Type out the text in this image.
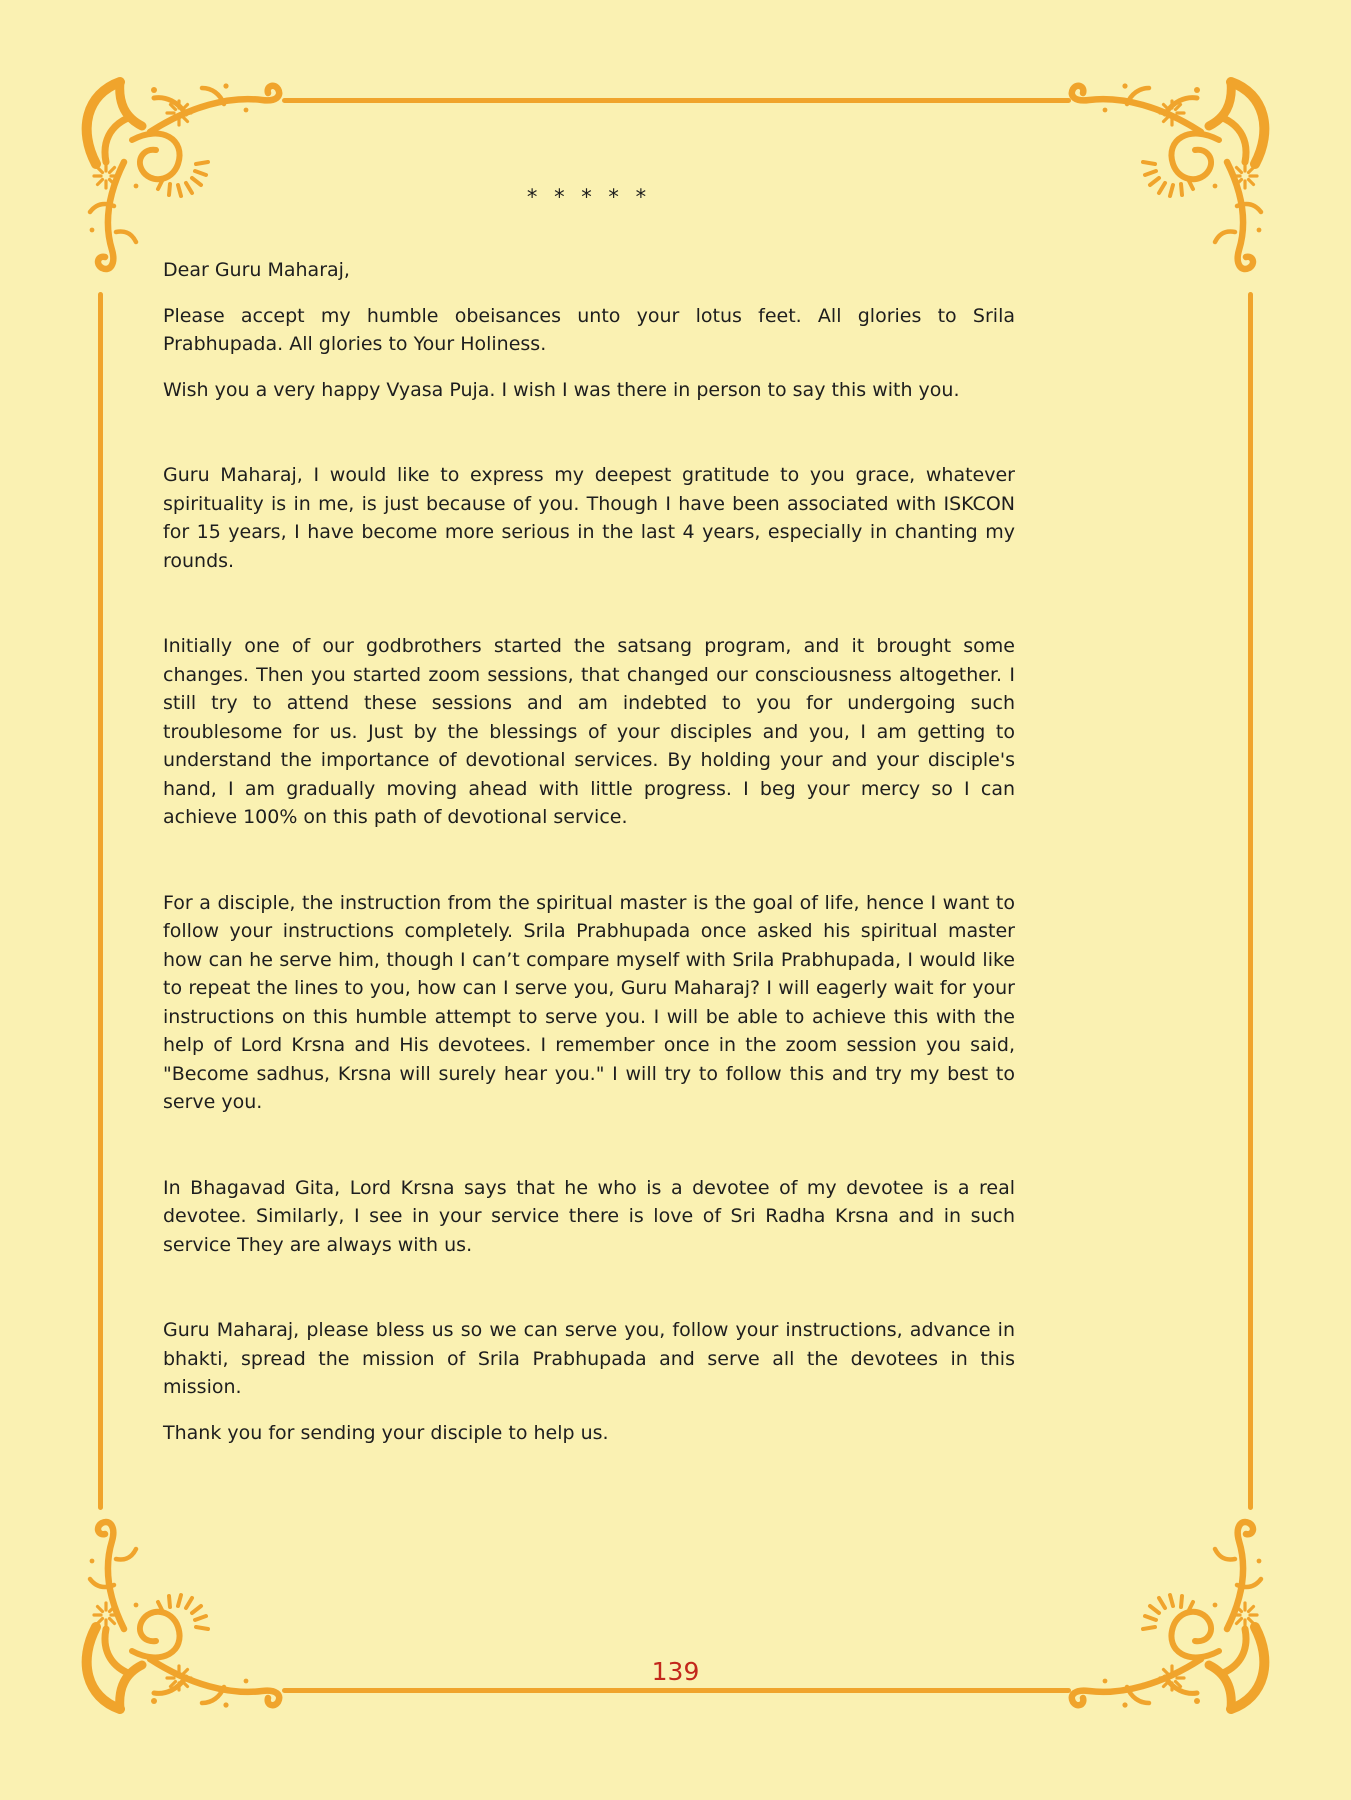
* * * * *

Dear Guru Maharaj,

Please accept my humble obeisances unto your lotus feet. All glories to Srila Prabhupada. All glories to Your Holiness.

Wish you a very happy Vyasa Puja. I wish I was there in person to say this with you.

Guru Maharaj, I would like to express my deepest gratitude to you grace, whatever spirituality is in me, is just because of you. Though I have been associated with ISKCON for 15 years, I have become more serious in the last 4 years, especially in chanting my rounds.

Initially one of our godbrothers started the satsang program, and it brought some changes. Then you started zoom sessions, that changed our consciousness altogether. I still try to attend these sessions and am indebted to you for undergoing such troublesome for us. Just by the blessings of your disciples and you, I am getting to understand the importance of devotional services. By holding your and your disciple's hand, I am gradually moving ahead with little progress. I beg your mercy so I can achieve 100% on this path of devotional service.

For a disciple, the instruction from the spiritual master is the goal of life, hence I want to follow your instructions completely. Srila Prabhupada once asked his spiritual master how can he serve him, though I can’t compare myself with Srila Prabhupada, I would like to repeat the lines to you, how can I serve you, Guru Maharaj? I will eagerly wait for your instructions on this humble attempt to serve you. I will be able to achieve this with the help of Lord Krsna and His devotees. I remember once in the zoom session you said, "Become sadhus, Krsna will surely hear you." I will try to follow this and try my best to serve you.

In Bhagavad Gita, Lord Krsna says that he who is a devotee of my devotee is a real devotee. Similarly, I see in your service there is love of Sri Radha Krsna and in such service They are always with us.

Guru Maharaj, please bless us so we can serve you, follow your instructions, advance in bhakti, spread the mission of Srila Prabhupada and serve all the devotees in this mission.

Thank you for sending your disciple to help us.

139
